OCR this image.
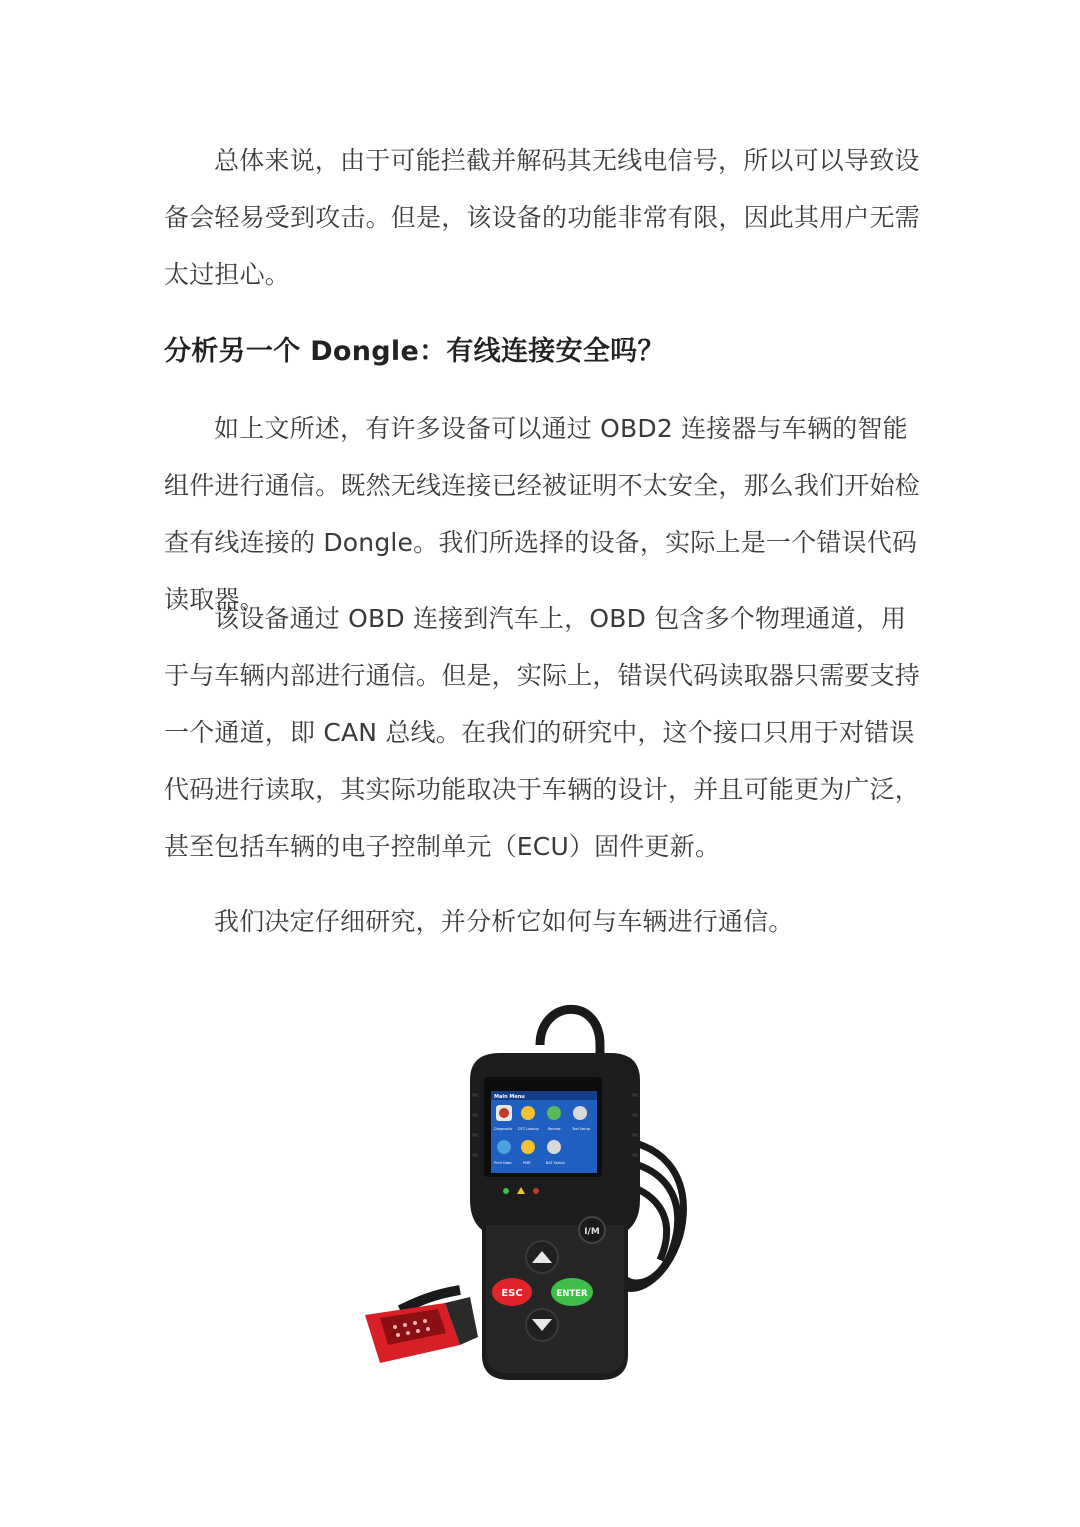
总体来说，由于可能拦截并解码其无线电信号，所以可以导致设备会轻易受到攻击。但是，该设备的功能非常有限，因此其用户无需太过担心。

分析另一个 Dongle：有线连接安全吗？

如上文所述，有许多设备可以通过 OBD2 连接器与车辆的智能组件进行通信。既然无线连接已经被证明不太安全，那么我们开始检查有线连接的 Dongle。我们所选择的设备，实际上是一个错误代码读取器。

该设备通过 OBD 连接到汽车上，OBD 包含多个物理通道，用于与车辆内部进行通信。但是，实际上，错误代码读取器只需要支持一个通道，即 CAN 总线。在我们的研究中，这个接口只用于对错误代码进行读取，其实际功能取决于车辆的设计，并且可能更为广泛，甚至包括车辆的电子控制单元（ECU）固件更新。

我们决定仔细研究，并分析它如何与车辆进行通信。

Main Menu
Diagnostic DTC Lookup	Review	Tool Setup
Print Data	PMR	BAT Status
I/M
ESC	ENTER
